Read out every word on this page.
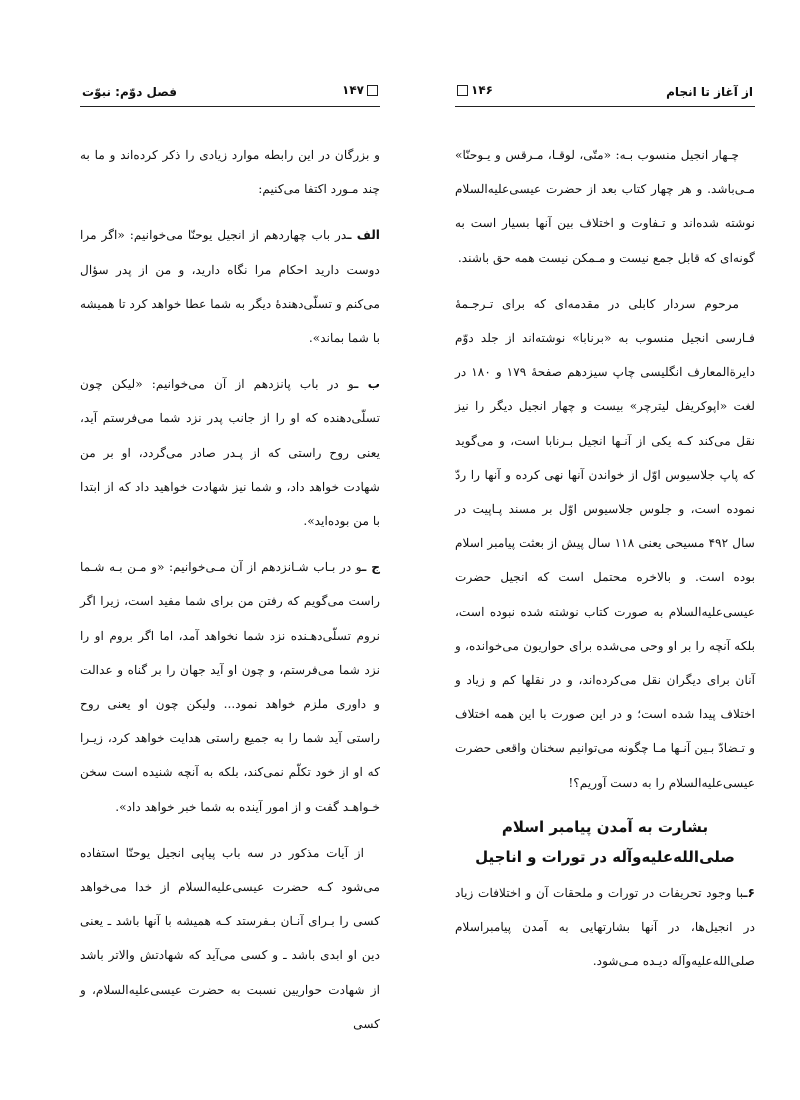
از آغاز تا انجام
۱۴۶

چـهار انجیل منسوب بـه: «متّی، لوقـا، مـرقس و یـوحنّا» مـی‌باشد. و هر چهار کتاب بعد از حضرت عیسی‌علیه‌السلام نوشته شده‌اند و تـفاوت و اختلاف بین آنها بسیار است به گونه‌ای که قابل جمع نیست و مـمکن نیست همه حق باشند.

مرحوم سردار کابلی در مقدمه‌ای که برای تـرجـمهٔ فـارسی انجیل منسوب به «برنابا» نوشته‌اند از جلد دوّم دایرةالمعارف انگلیسی چاپ سیزدهم صفحهٔ ۱۷۹ و ۱۸۰ در لغت «اپوکریفل لیترچر» بیست و چهار انجیل دیگر را نیز نقل می‌کند کـه یکی از آنـها انجیل بـرنابا است، و می‌گوید که پاپ جلاسیوس اوّل از خواندن آنها نهی کرده و آنها را ردّ نموده است، و جلوس جلاسیوس اوّل بر مسند پـاپیت در سال ۴۹۲ مسیحی یعنی ۱۱۸ سال پیش از بعثت پیامبر اسلام بوده است. و بالاخره محتمل است که انجیل حضرت عیسی‌علیه‌السلام به صورت کتاب نوشته شده نبوده است، بلکه آنچه را بر او وحی می‌شده برای حواریون می‌خوانده، و آنان برای دیگران نقل می‌کرده‌اند، و در نقلها کم و زیاد و اختلاف پیدا شده است؛ و در این صورت با این همه اختلاف و تـضادّ بـین آنـها مـا چگونه می‌توانیم سخنان واقعی حضرت عیسی‌علیه‌السلام را به دست آوریم؟!

بشارت به آمدن پیامبر اسلام صلی‌الله‌علیه‌وآله در تورات و اناجیل

۶ـبا وجود تحریفات در تورات و ملحقات آن و اختلافات زیاد در انجیل‌ها، در آنها بشارتهایی به آمدن پیامبراسلام صلی‌الله‌علیه‌وآله دیـده مـی‌شود.

فصل دوّم: نبوّت	۱۴۷

و بزرگان در این رابطه موارد زیادی را ذکر کرده‌اند و ما به چند مـورد اکتفا می‌کنیم:

الف ـدر باب چهاردهم از انجیل یوحنّا می‌خوانیم: «اگر مرا دوست دارید احکام مرا نگاه دارید، و من از پدر سؤال می‌کنم و تسلّی‌دهندهٔ دیگر به شما عطا خواهد کرد تا همیشه با شما بماند».

ب ـو در باب پانزدهم از آن می‌خوانیم: «لیکن چون تسلّی‌دهنده که او را از جانب پدر نزد شما می‌فرستم آید، یعنی روح راستی که از پـدر صادر می‌گردد، او بر من شهادت خواهد داد، و شما نیز شهادت خواهید داد که از ابتدا با من بوده‌اید».

ج ـو در بـاب شـانزدهم از آن مـی‌خوانیم: «و مـن بـه شـما راست می‌گویم که رفتن من برای شما مفید است، زیرا اگر نروم تسلّی‌دهـنده نزد شما نخواهد آمد، اما اگر بروم او را نزد شما می‌فرستم، و چون او آید جهان را بر گناه و عدالت و داوری ملزم خواهد نمود... ولیکن چون او یعنی روح راستی آید شما را به جمیع راستی هدایت خواهد کرد، زیـرا که او از خود تکلّم نمی‌کند، بلکه به آنچه شنیده است سخن خـواهـد گفت و از امور آینده به شما خبر خواهد داد».

از آیات مذکور در سه باب پیاپی انجیل یوحنّا استفاده می‌شود کـه حضرت عیسی‌علیه‌السلام از خدا می‌خواهد کسی را بـرای آنـان بـفرستد کـه همیشه با آنها باشد ـ یعنی دین او ابدی باشد ـ و کسی می‌آید که شهادتش والاتر باشد از شهادت حواریین نسبت به حضرت عیسی‌علیه‌السلام، و کسی
